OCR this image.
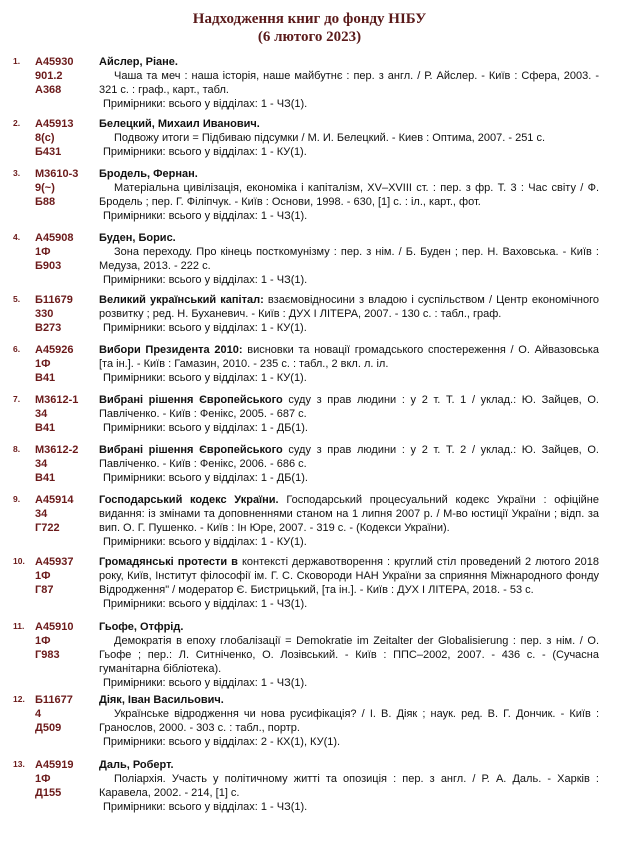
Надходження книг до фонду НІБУ
(6 лютого 2023)
1. А45930
901.2
А368
Айслер, Ріане.
Чаша та меч : наша історія, наше майбутнє : пер. з англ. / Р. Айслер. - Київ : Сфера, 2003. - 321 с. : граф., карт., табл.
Примірники: всього у відділах: 1 - ЧЗ(1).
2. А45913
8(с)
Б431
Белецкий, Михаил Иванович.
Подвожу итоги = Підбиваю підсумки / М. И. Белецкий. - Киев : Оптима, 2007. - 251 с.
Примірники: всього у відділах: 1 - КУ(1).
3. М3610-3
9(~)
Б88
Бродель, Фернан.
Матеріальна цивілізація, економіка і капіталізм, XV–XVIII ст. : пер. з фр. Т. 3 : Час світу / Ф. Бродель ; пер. Г. Філіпчук. - Київ : Основи, 1998. - 630, [1] с. : іл., карт., фот.
Примірники: всього у відділах: 1 - ЧЗ(1).
4. А45908
1Ф
Б903
Буден, Борис.
Зона переходу. Про кінець посткомунізму : пер. з нім. / Б. Буден ; пер. Н. Ваховська. - Київ : Медуза, 2013. - 222 с.
Примірники: всього у відділах: 1 - ЧЗ(1).
5. Б11679
330
В273
Великий український капітал: взаємовідносини з владою і суспільством / Центр економічного розвитку ; ред. Н. Буханевич. - Київ : ДУХ І ЛІТЕРА, 2007. - 130 с. : табл., граф.
Примірники: всього у відділах: 1 - КУ(1).
6. А45926
1Ф
В41
Вибори Президента 2010: висновки та новації громадського спостереження / О. Айвазовська [та ін.]. - Київ : Гамазин, 2010. - 235 с. : табл., 2 вкл. л. іл.
Примірники: всього у відділах: 1 - КУ(1).
7. М3612-1
34
В41
Вибрані рішення Європейського суду з прав людини : у 2 т. Т. 1 / уклад.: Ю. Зайцев, О. Павліченко. - Київ : Фенікс, 2005. - 687 с.
Примірники: всього у відділах: 1 - ДБ(1).
8. М3612-2
34
В41
Вибрані рішення Європейського суду з прав людини : у 2 т. Т. 2 / уклад.: Ю. Зайцев, О. Павліченко. - Київ : Фенікс, 2006. - 686 с.
Примірники: всього у відділах: 1 - ДБ(1).
9. А45914
34
Г722
Господарський кодекс України. Господарський процесуальний кодекс України : офіційне видання: із змінами та доповненнями станом на 1 липня 2007 р. / М-во юстиції України ; відп. за вип. О. Г. Пушенко. - Київ : Ін Юре, 2007. - 319 с. - (Кодекси України).
Примірники: всього у відділах: 1 - КУ(1).
10. А45937
1Ф
Г87
Громадянські протести в контексті державотворення : круглий стіл проведений 2 лютого 2018 року, Київ, Інститут філософії ім. Г. С. Сковороди НАН України за сприяння Міжнародного фонду Відродження" / модератор Є. Бистрицький, [та ін.]. - Київ : ДУХ І ЛІТЕРА, 2018. - 53 с.
Примірники: всього у відділах: 1 - ЧЗ(1).
11. А45910
1Ф
Г983
Гьофе, Отфрід.
Демократія в епоху глобалізації = Demokratie im Zeitalter der Globalisierung : пер. з нім. / О. Гьофе ; пер.: Л. Ситніченко, О. Лозівський. - Київ : ППС–2002, 2007. - 436 с. - (Сучасна гуманітарна бібліотека).
Примірники: всього у відділах: 1 - ЧЗ(1).
12. Б11677
4
Д509
Діяк, Іван Васильович.
Українське відродження чи нова русифікація? / І. В. Діяк ; наук. ред. В. Г. Дончик. - Київ : Гранослов, 2000. - 303 с. : табл., портр.
Примірники: всього у відділах: 2 - КХ(1), КУ(1).
13. А45919
1Ф
Д155
Даль, Роберт.
Поліархія. Участь у політичному житті та опозиція : пер. з англ. / Р. А. Даль. - Харків : Каравела, 2002. - 214, [1] с.
Примірники: всього у відділах: 1 - ЧЗ(1).
